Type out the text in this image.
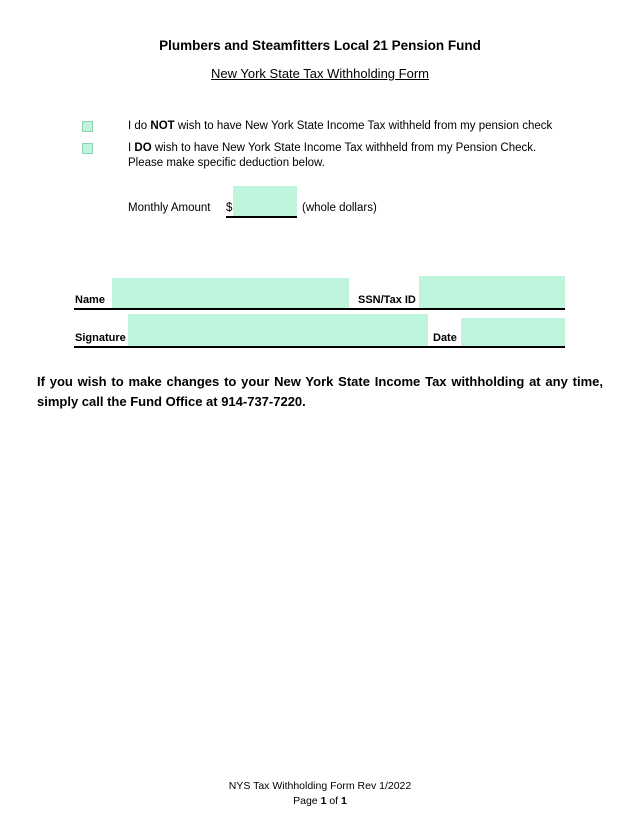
Plumbers and Steamfitters Local 21 Pension Fund
New York State Tax Withholding Form
I do NOT wish to have New York State Income Tax withheld from my pension check
I DO wish to have New York State Income Tax withheld from my Pension Check.
Please make specific deduction below.
Monthly Amount $	(whole dollars)
Name	SSN/Tax ID
Signature	Date
If you wish to make changes to your New York State Income Tax withholding at any time, simply call the Fund Office at 914-737-7220.
NYS Tax Withholding Form Rev 1/2022
Page 1 of 1
